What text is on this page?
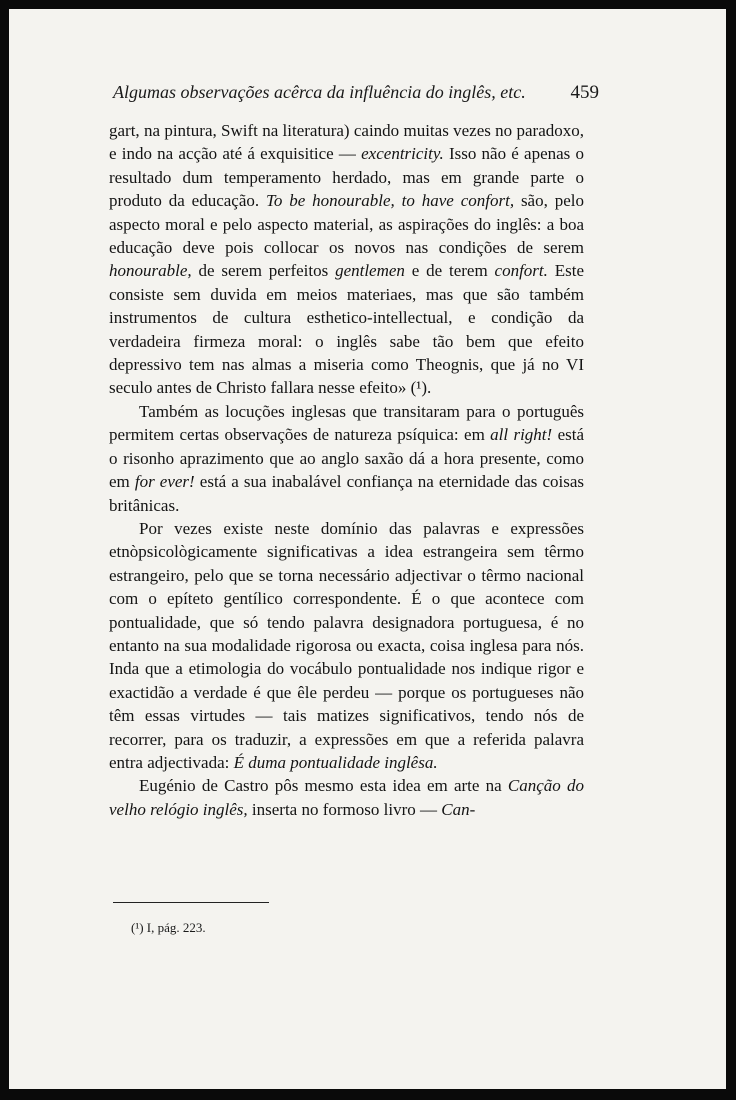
Algumas observações acêrca da influência do inglês, etc. 459

gart, na pintura, Swift na literatura) caindo muitas vezes no paradoxo, e indo na acção até á exquisitice — excentricity. Isso não é apenas o resultado dum temperamento herdado, mas em grande parte o produto da educação. To be honourable, to have confort, são, pelo aspecto moral e pelo aspecto material, as aspirações do inglês: a boa educação deve pois collocar os novos nas condições de serem honourable, de serem perfeitos gentlemen e de terem confort. Este consiste sem duvida em meios materiaes, mas que são também instrumentos de cultura esthetico-intellectual, e condição da verdadeira firmeza moral: o inglês sabe tão bem que efeito depressivo tem nas almas a miseria como Theognis, que já no VI seculo antes de Christo fallara nesse efeito» (¹).

Também as locuções inglesas que transitaram para o português permitem certas observações de natureza psíquica: em all right! está o risonho aprazimento que ao anglo saxão dá a hora presente, como em for ever! está a sua inabalável confiança na eternidade das coisas britânicas.

Por vezes existe neste domínio das palavras e expressões etnòpsicològicamente significativas a idea estrangeira sem têrmo estrangeiro, pelo que se torna necessário adjectivar o têrmo nacional com o epíteto gentílico correspondente. É o que acontece com pontualidade, que só tendo palavra designadora portuguesa, é no entanto na sua modalidade rigorosa ou exacta, coisa inglesa para nós. Inda que a etimologia do vocábulo pontualidade nos indique rigor e exactidão a verdade é que êle perdeu — porque os portugueses não têm essas virtudes — tais matizes significativos, tendo nós de recorrer, para os traduzir, a expressões em que a referida palavra entra adjectivada: É duma pontualidade inglêsa.

Eugénio de Castro pôs mesmo esta idea em arte na Canção do velho relógio inglês, inserta no formoso livro — Can-

(¹) I, pág. 223.
